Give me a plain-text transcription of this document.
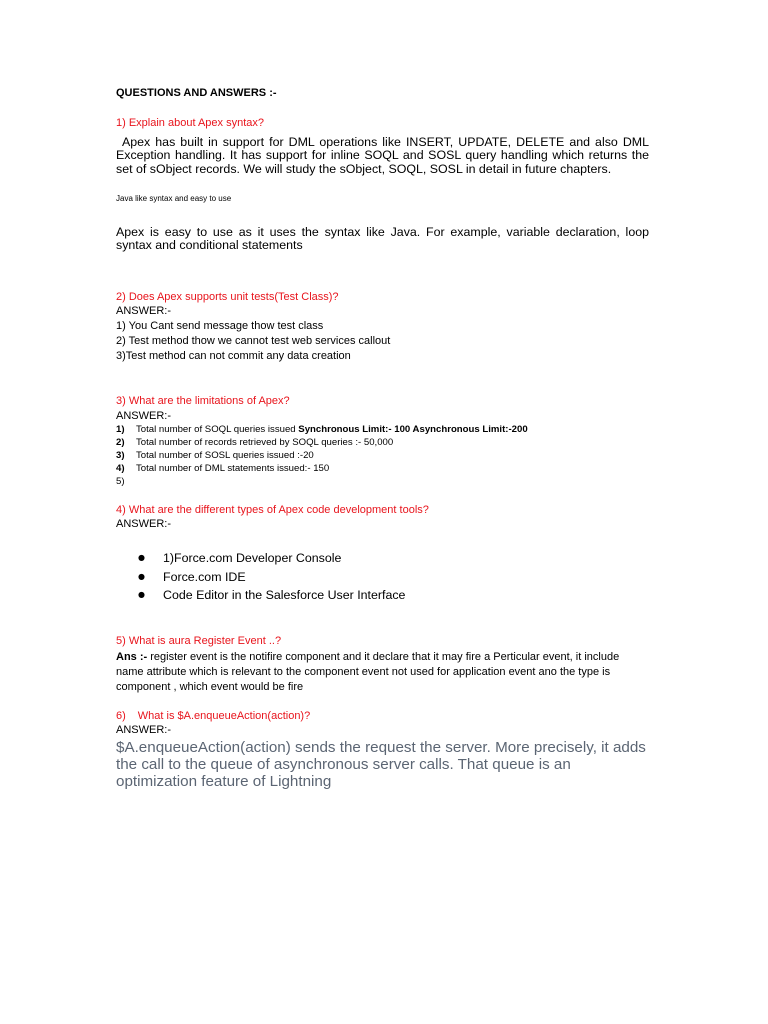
QUESTIONS AND ANSWERS :-
1) Explain about Apex syntax?
Apex has built in support for DML operations like INSERT, UPDATE, DELETE and also DML Exception handling. It has support for inline SOQL and SOSL query handling which returns the set of sObject records. We will study the sObject, SOQL, SOSL in detail in future chapters.
Java like syntax and easy to use
Apex is easy to use as it uses the syntax like Java. For example, variable declaration, loop syntax and conditional statements
2) Does Apex supports unit tests(Test Class)?
ANSWER:-
1) You Cant send message thow test class
2) Test method thow we cannot test web services callout
3)Test method can not commit any data creation
3) What are the limitations of Apex?
ANSWER:-
1) Total number of SOQL queries issued Synchronous Limit:- 100 Asynchronous Limit:-200
2) Total number of records retrieved by SOQL queries :- 50,000
3) Total number of SOSL queries issued :-20
4) Total number of DML statements issued:- 150
5)
4) What are the different types of Apex code development tools?
ANSWER:-
● 1)Force.com Developer Console
● Force.com IDE
● Code Editor in the Salesforce User Interface
5) What is aura Register Event ..?
Ans :- register event is the notifire component and it declare that it may fire a Perticular event, it include name attribute which is relevant to the component event not used for application event ano the type is component , which event would be fire
6) What is $A.enqueueAction(action)?
ANSWER:-
$A.enqueueAction(action) sends the request the server. More precisely, it adds the call to the queue of asynchronous server calls. That queue is an optimization feature of Lightning
